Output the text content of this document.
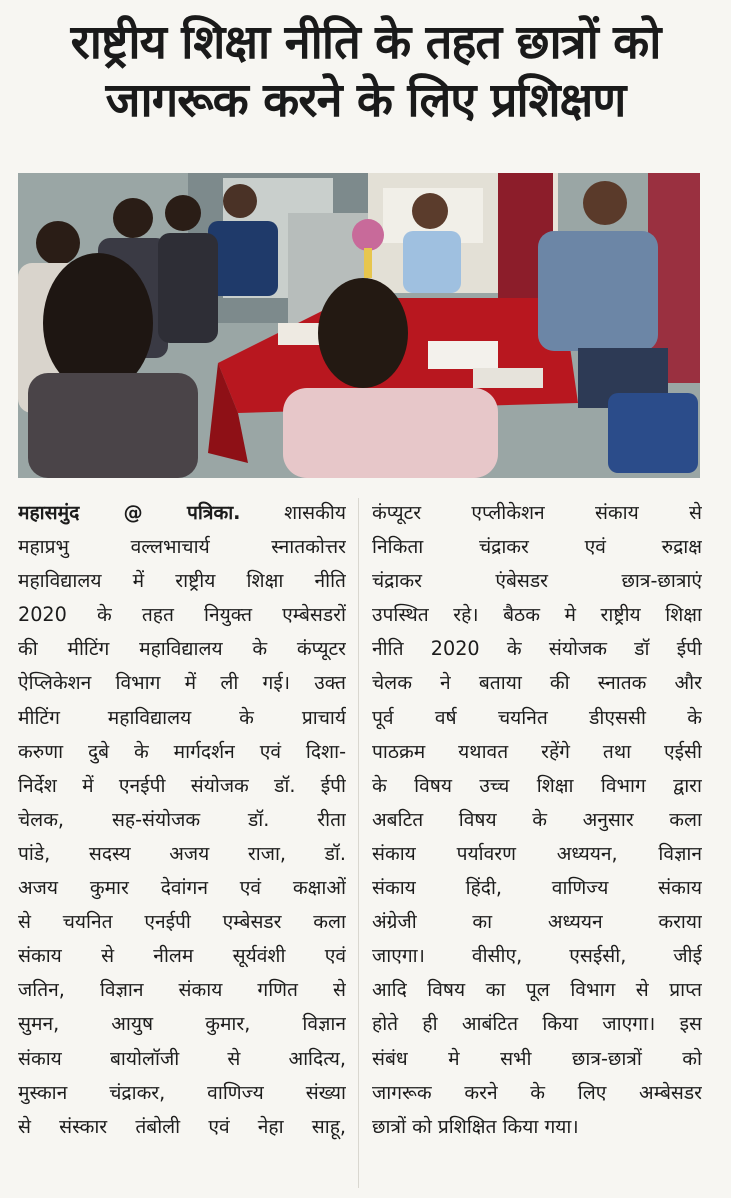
राष्ट्रीय शिक्षा नीति के तहत छात्रों को
जागरूक करने के लिए प्रशिक्षण
महासमुंद @ पत्रिका. शासकीय
महाप्रभु वल्लभाचार्य स्नातकोत्तर
महाविद्यालय में राष्ट्रीय शिक्षा नीति
2020 के तहत नियुक्त एम्बेसडरों
की मीटिंग महाविद्यालय के कंप्यूटर
ऐप्लिकेशन विभाग में ली गई। उक्त
मीटिंग महाविद्यालय के प्राचार्य
करुणा दुबे के मार्गदर्शन एवं दिशा-
निर्देश में एनईपी संयोजक डॉ. ईपी
चेलक, सह-संयोजक डॉ. रीता
पांडे, सदस्य अजय राजा, डॉ.
अजय कुमार देवांगन एवं कक्षाओं
से चयनित एनईपी एम्बेसडर कला
संकाय से नीलम सूर्यवंशी एवं
जतिन, विज्ञान संकाय गणित से
सुमन, आयुष कुमार, विज्ञान
संकाय बायोलॉजी से आदित्य,
मुस्कान चंद्राकर, वाणिज्य संख्या
से संस्कार तंबोली एवं नेहा साहू,
कंप्यूटर एप्लीकेशन संकाय से
निकिता चंद्राकर एवं रुद्राक्ष
चंद्राकर एंबेसडर छात्र-छात्राएं
उपस्थित रहे। बैठक मे राष्ट्रीय शिक्षा
नीति 2020 के संयोजक डॉ ईपी
चेलक ने बताया की स्नातक और
पूर्व वर्ष चयनित डीएससी के
पाठक्रम यथावत रहेंगे तथा एईसी
के विषय उच्च शिक्षा विभाग द्वारा
अबटित विषय के अनुसार कला
संकाय पर्यावरण अध्ययन, विज्ञान
संकाय हिंदी, वाणिज्य संकाय
अंग्रेजी का अध्ययन कराया
जाएगा। वीसीए, एसईसी, जीई
आदि विषय का पूल विभाग से प्राप्त
होते ही आबंटित किया जाएगा। इस
संबंध मे सभी छात्र-छात्रों को
जागरूक करने के लिए अम्बेसडर
छात्रों को प्रशिक्षित किया गया।
